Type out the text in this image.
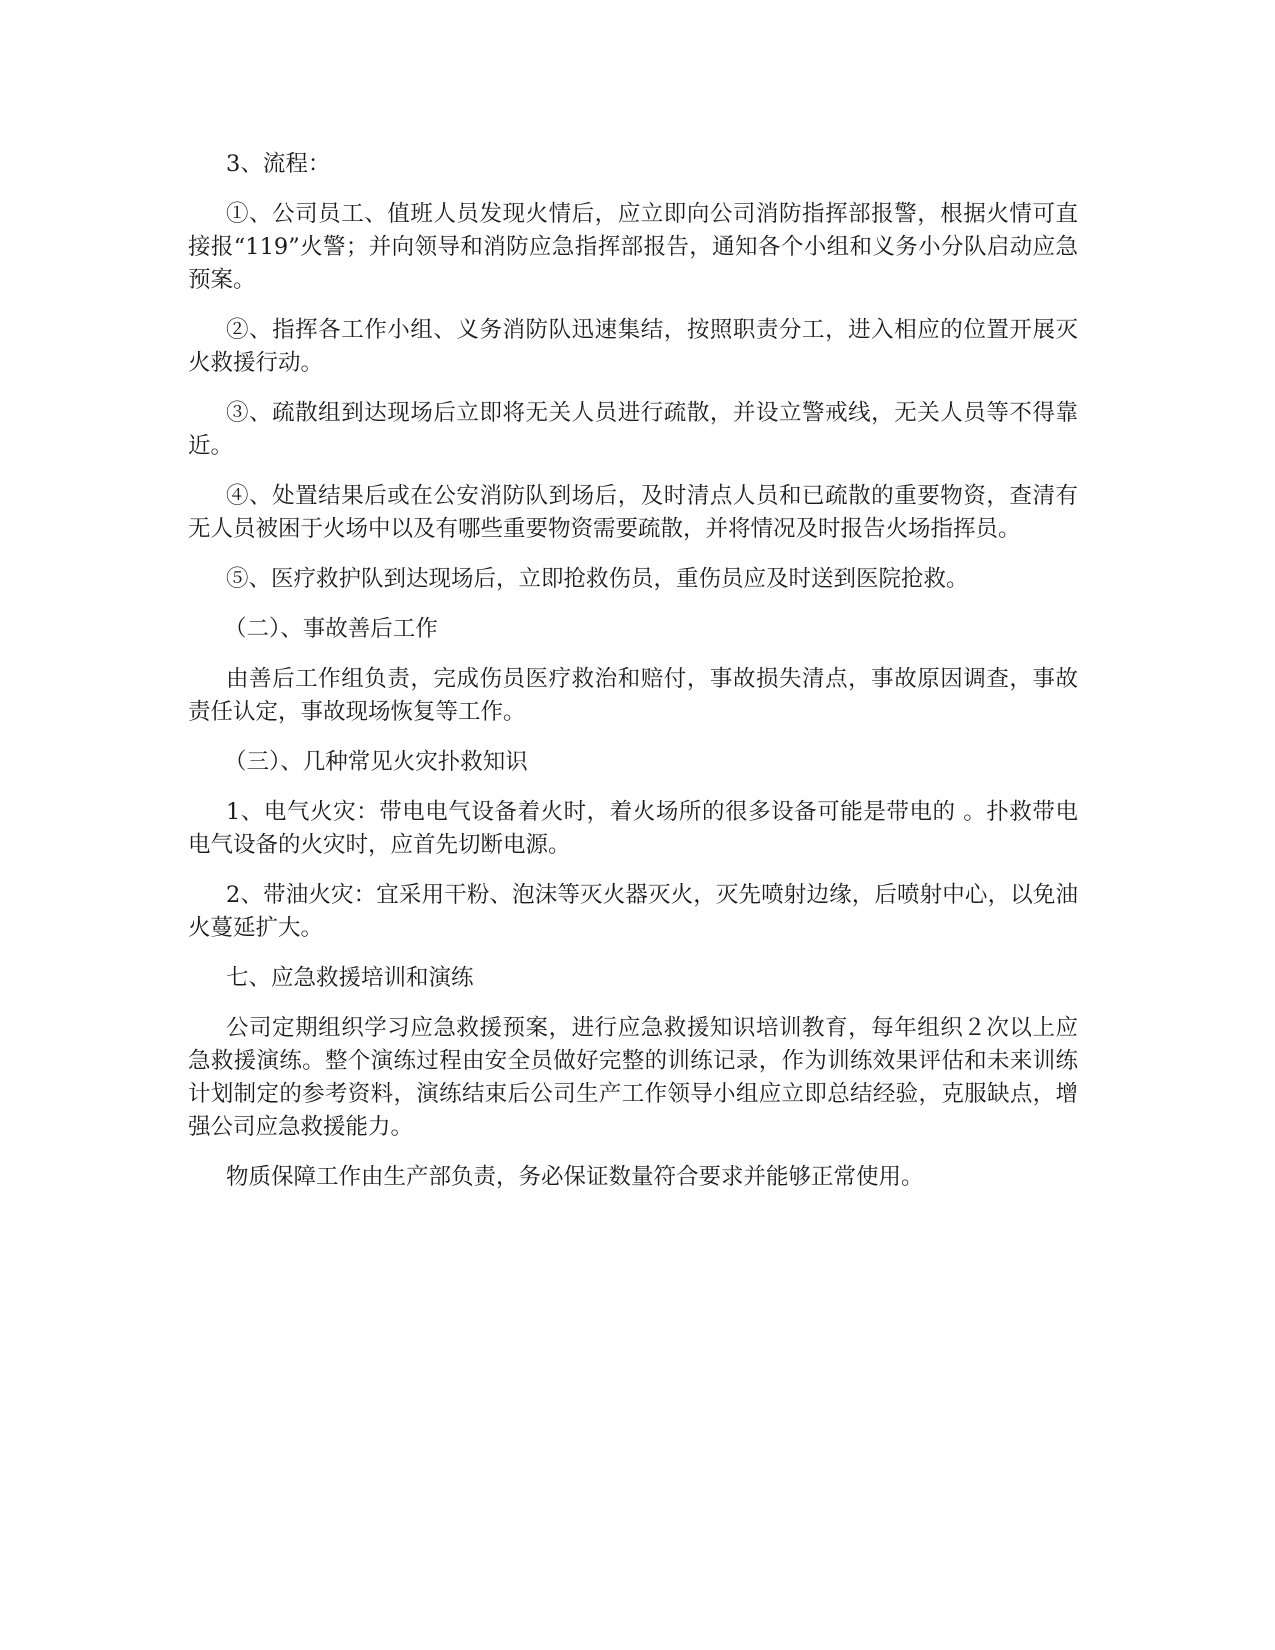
3、流程：

①、公司员工、值班人员发现火情后，应立即向公司消防指挥部报警，根据火情可直接报“119”火警；并向领导和消防应急指挥部报告，通知各个小组和义务小分队启动应急预案。

②、指挥各工作小组、义务消防队迅速集结，按照职责分工，进入相应的位置开展灭火救援行动。

③、疏散组到达现场后立即将无关人员进行疏散，并设立警戒线，无关人员等不得靠近。

④、处置结果后或在公安消防队到场后，及时清点人员和已疏散的重要物资，查清有无人员被困于火场中以及有哪些重要物资需要疏散，并将情况及时报告火场指挥员。

⑤、医疗救护队到达现场后，立即抢救伤员，重伤员应及时送到医院抢救。

（二）、事故善后工作

由善后工作组负责，完成伤员医疗救治和赔付，事故损失清点，事故原因调查，事故责任认定，事故现场恢复等工作。

（三）、几种常见火灾扑救知识

1、电气火灾：带电电气设备着火时，着火场所的很多设备可能是带电的 。扑救带电电气设备的火灾时，应首先切断电源。

2、带油火灾：宜采用干粉、泡沫等灭火器灭火，灭先喷射边缘，后喷射中心，以免油火蔓延扩大。

七、应急救援培训和演练

公司定期组织学习应急救援预案，进行应急救援知识培训教育，每年组织２次以上应急救援演练。整个演练过程由安全员做好完整的训练记录，作为训练效果评估和未来训练计划制定的参考资料，演练结束后公司生产工作领导小组应立即总结经验，克服缺点，增强公司应急救援能力。

物质保障工作由生产部负责，务必保证数量符合要求并能够正常使用。
